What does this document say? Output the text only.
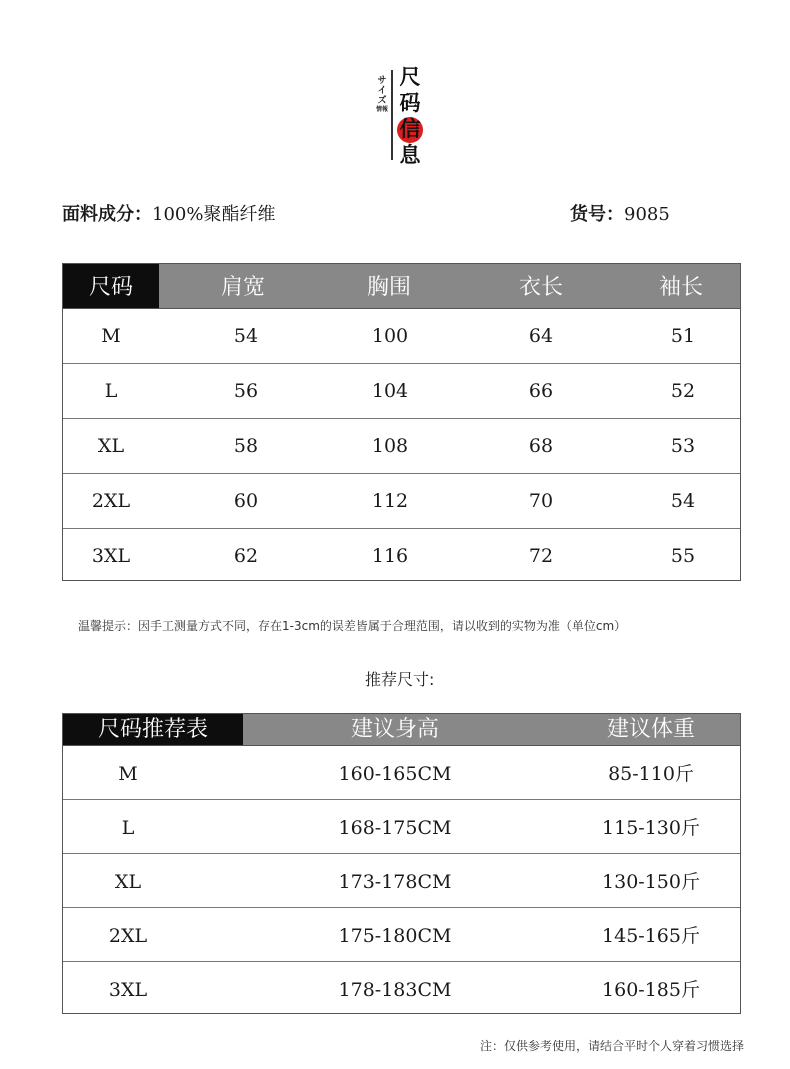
サイズ
情報
尺
码
信
息
面料成分：100%聚酯纤维	货号：9085
尺码	肩宽	胸围	衣长	袖长
M	54	100	64	51
L	56	104	66	52
XL	58	108	68	53
2XL	60	112	70	54
3XL	62	116	72	55
温馨提示：因手工测量方式不同，存在1-3cm的误差皆属于合理范围，请以收到的实物为准（单位cm）
推荐尺寸:
尺码推荐表	建议身高	建议体重
M	160-165CM	85-110斤
L	168-175CM	115-130斤
XL	173-178CM	130-150斤
2XL	175-180CM	145-165斤
3XL	178-183CM	160-185斤
注：仅供参考使用，请结合平时个人穿着习惯选择
